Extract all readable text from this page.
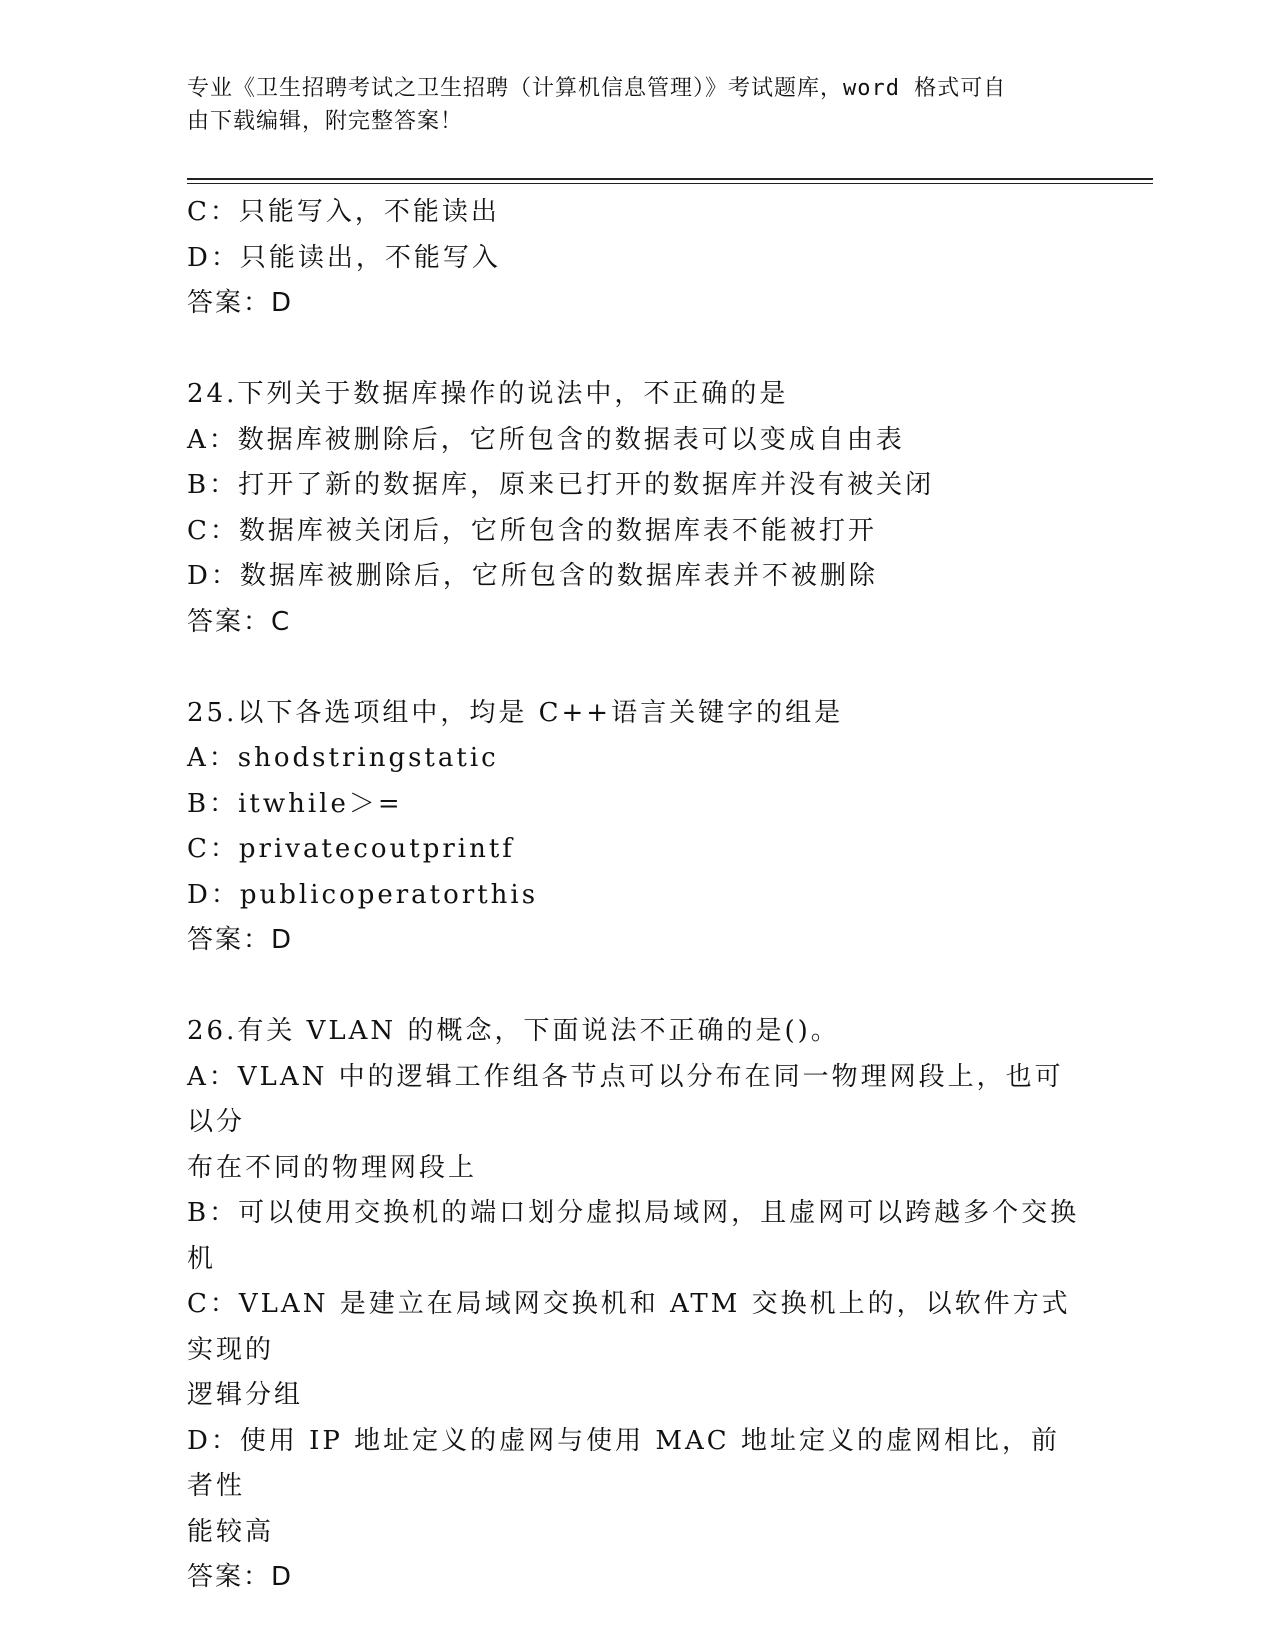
专业《卫生招聘考试之卫生招聘（计算机信息管理）》考试题库，word 格式可自
由下载编辑，附完整答案！

C：只能写入，不能读出

D：只能读出，不能写入

答案：D

24.下列关于数据库操作的说法中，不正确的是

A：数据库被删除后，它所包含的数据表可以变成自由表

B：打开了新的数据库，原来已打开的数据库并没有被关闭

C：数据库被关闭后，它所包含的数据库表不能被打开

D：数据库被删除后，它所包含的数据库表并不被删除

答案：C

25.以下各选项组中，均是 C++语言关键字的组是

A：shodstringstatic

B：itwhile＞=

C：privatecoutprintf

D：publicoperatorthis

答案：D

26.有关 VLAN 的概念，下面说法不正确的是()。

A：VLAN 中的逻辑工作组各节点可以分布在同一物理网段上，也可以分

布在不同的物理网段上

B：可以使用交换机的端口划分虚拟局域网，且虚网可以跨越多个交换

机

C：VLAN 是建立在局域网交换机和 ATM 交换机上的，以软件方式实现的

逻辑分组

D：使用 IP 地址定义的虚网与使用 MAC 地址定义的虚网相比，前者性

能较高

答案：D
